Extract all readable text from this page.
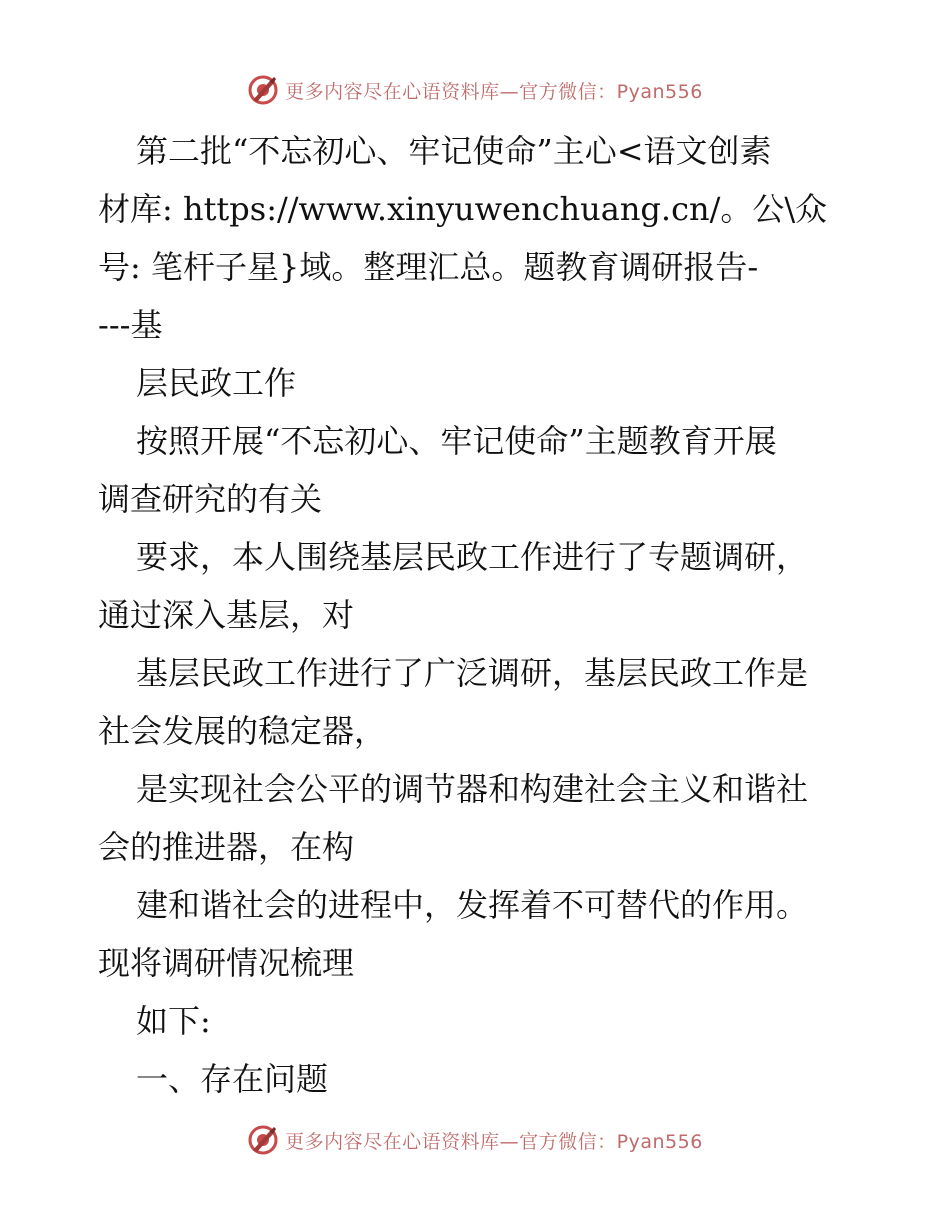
更多内容尽在心语资料库—官方微信：Pyan556

第二批“不忘初心、牢记使命”主心<语文创素

材库: https://www.xinyuwenchuang.cn/。公\众

号: 笔杆子星}域。整理汇总。题教育调研报告-

---基

层民政工作

按照开展“不忘初心、牢记使命”主题教育开展

调查研究的有关

要求，本人围绕基层民政工作进行了专题调研，

通过深入基层，对

基层民政工作进行了广泛调研，基层民政工作是

社会发展的稳定器，

是实现社会公平的调节器和构建社会主义和谐社

会的推进器，在构

建和谐社会的进程中，发挥着不可替代的作用。

现将调研情况梳理

如下:

一、存在问题

更多内容尽在心语资料库—官方微信：Pyan556
